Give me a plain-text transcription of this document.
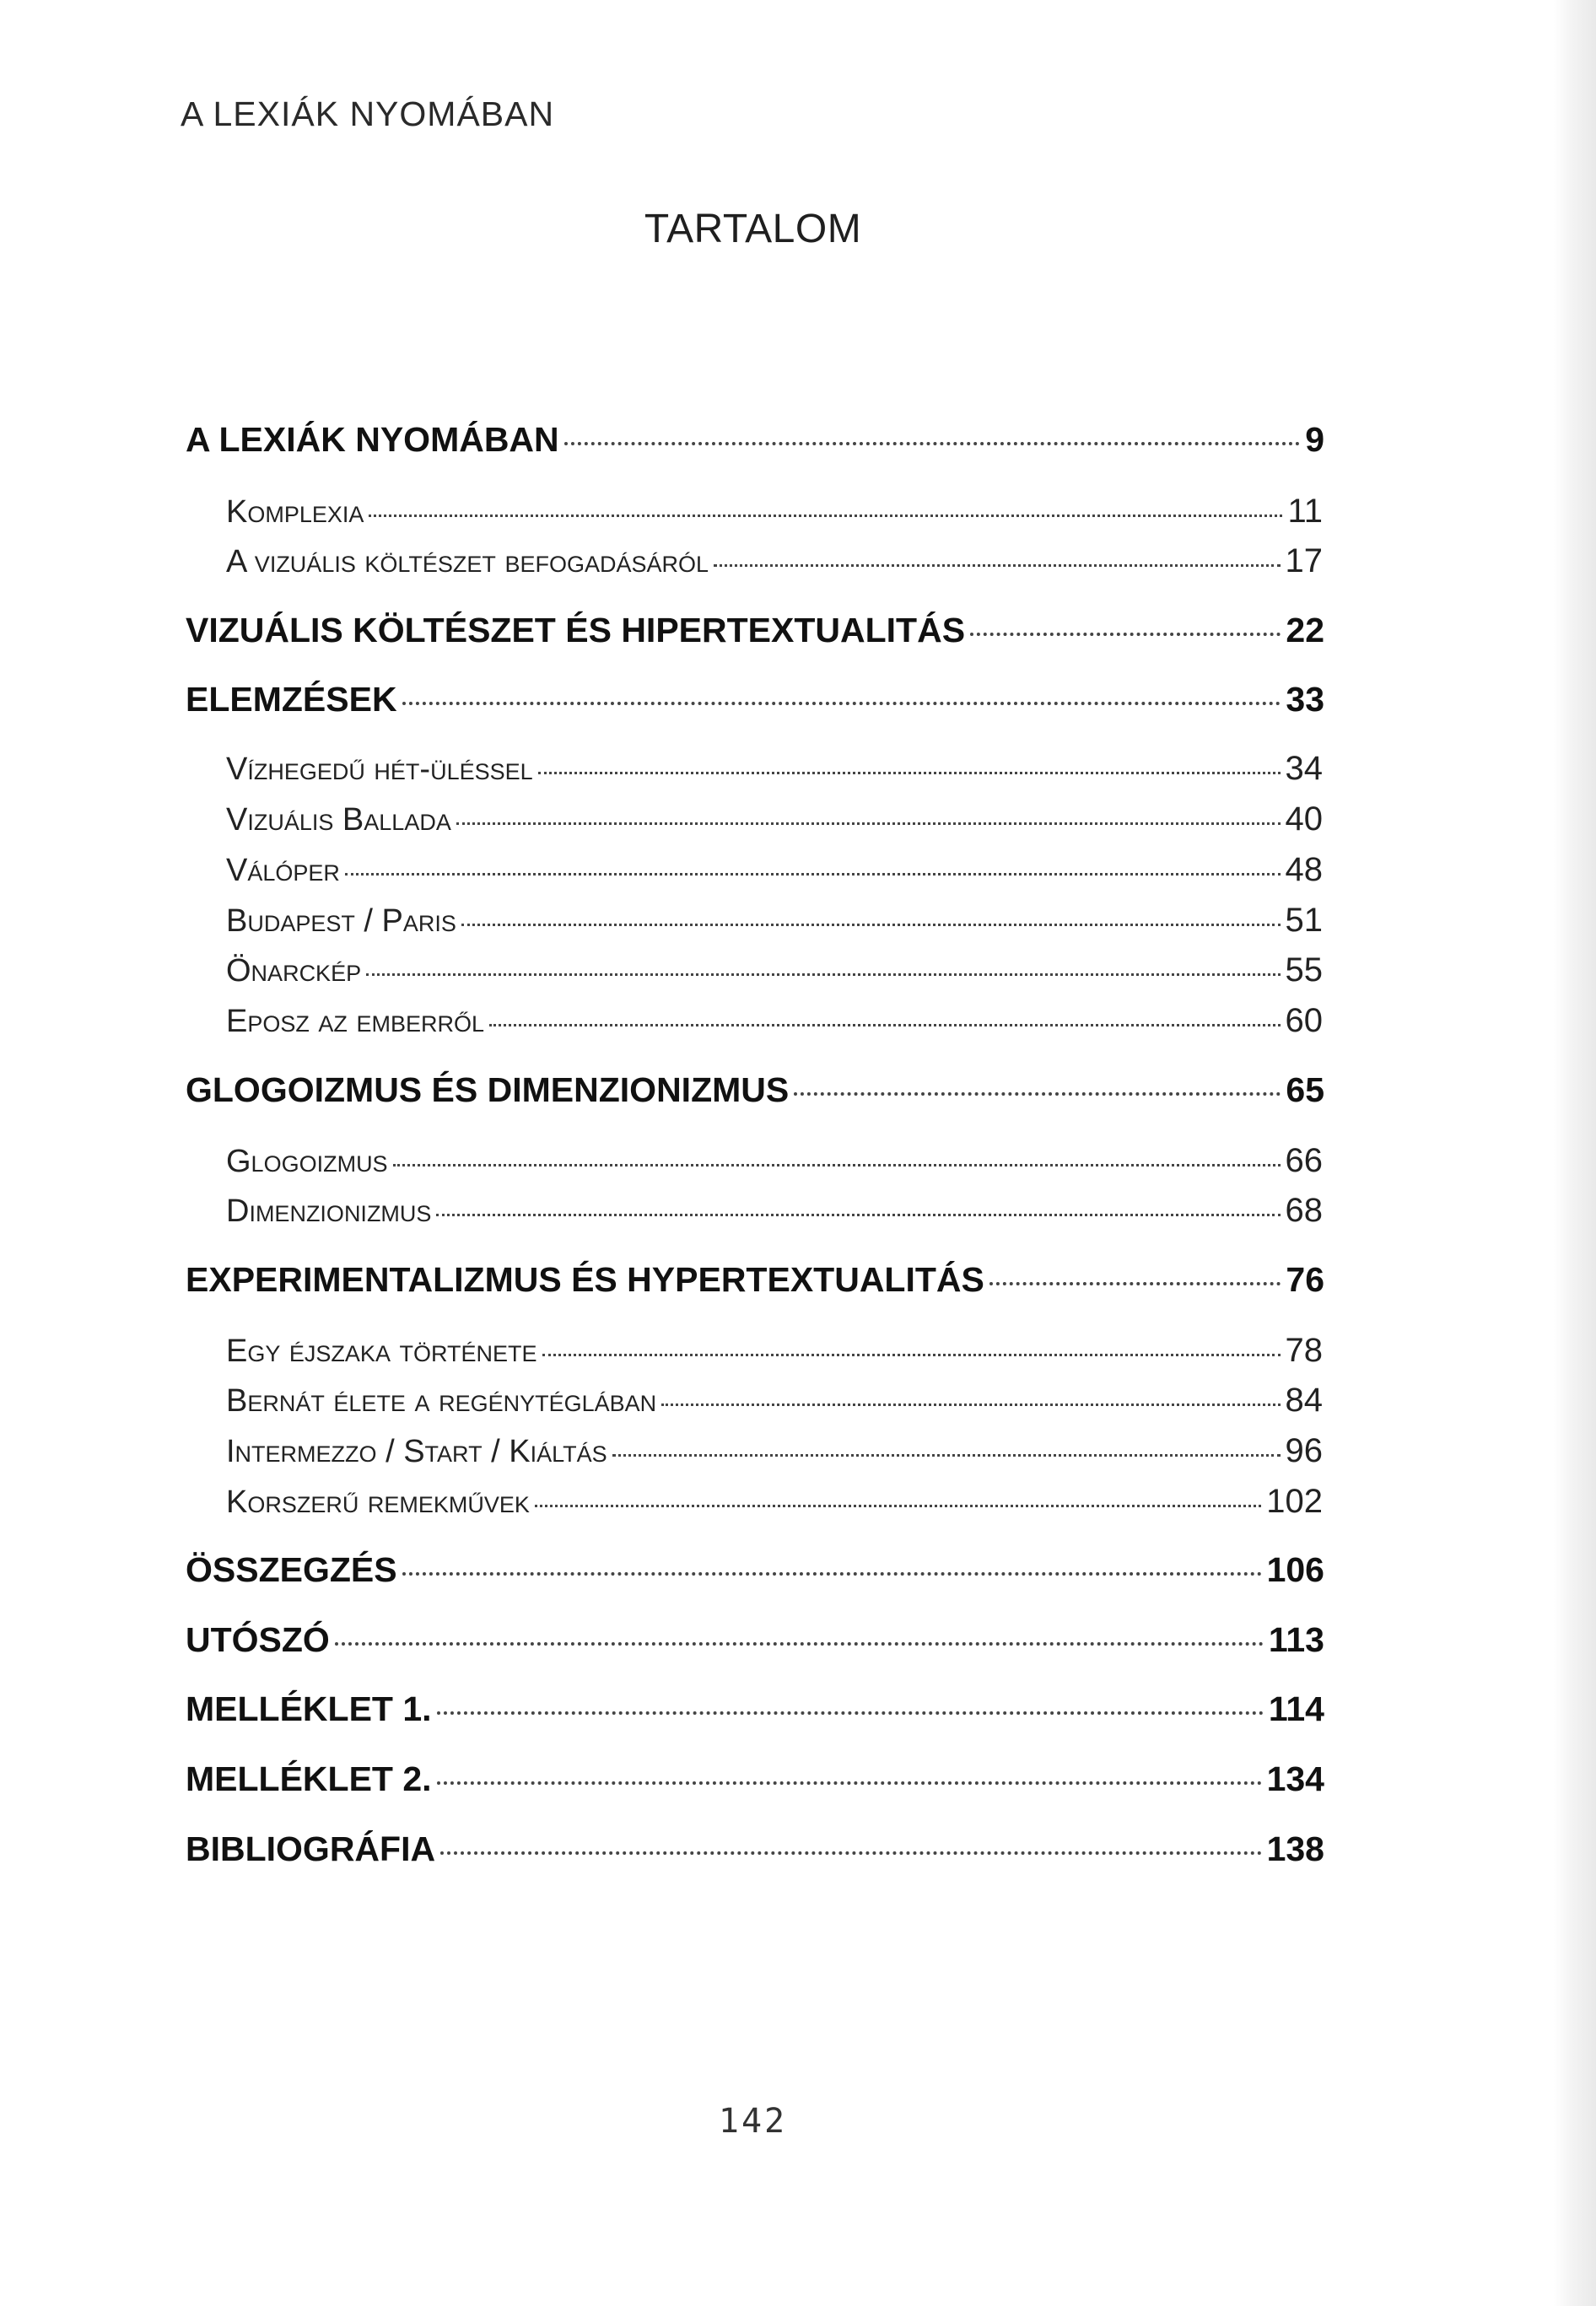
A LEXIÁK NYOMÁBAN
TARTALOM
A LEXIÁK NYOMÁBAN	9
Komplexia	11
A vizuális költészet befogadásáról	17
VIZUÁLIS KÖLTÉSZET ÉS HIPERTEXTUALITÁS	22
ELEMZÉSEK	33
Vízhegedű hét-üléssel	34
Vizuális Ballada	40
Válóper	48
Budapest / Paris	51
Önarckép	55
Eposz az emberről	60
GLOGOIZMUS ÉS DIMENZIONIZMUS	65
Glogoizmus	66
Dimenzionizmus	68
EXPERIMENTALIZMUS ÉS HYPERTEXTUALITÁS	76
Egy éjszaka története	78
Bernát élete a regénytéglában	84
Intermezzo / Start / Kiáltás	96
Korszerű remekművek	102
ÖSSZEGZÉS	106
UTÓSZÓ	113
MELLÉKLET 1.	114
MELLÉKLET 2.	134
BIBLIOGRÁFIA	138
142
